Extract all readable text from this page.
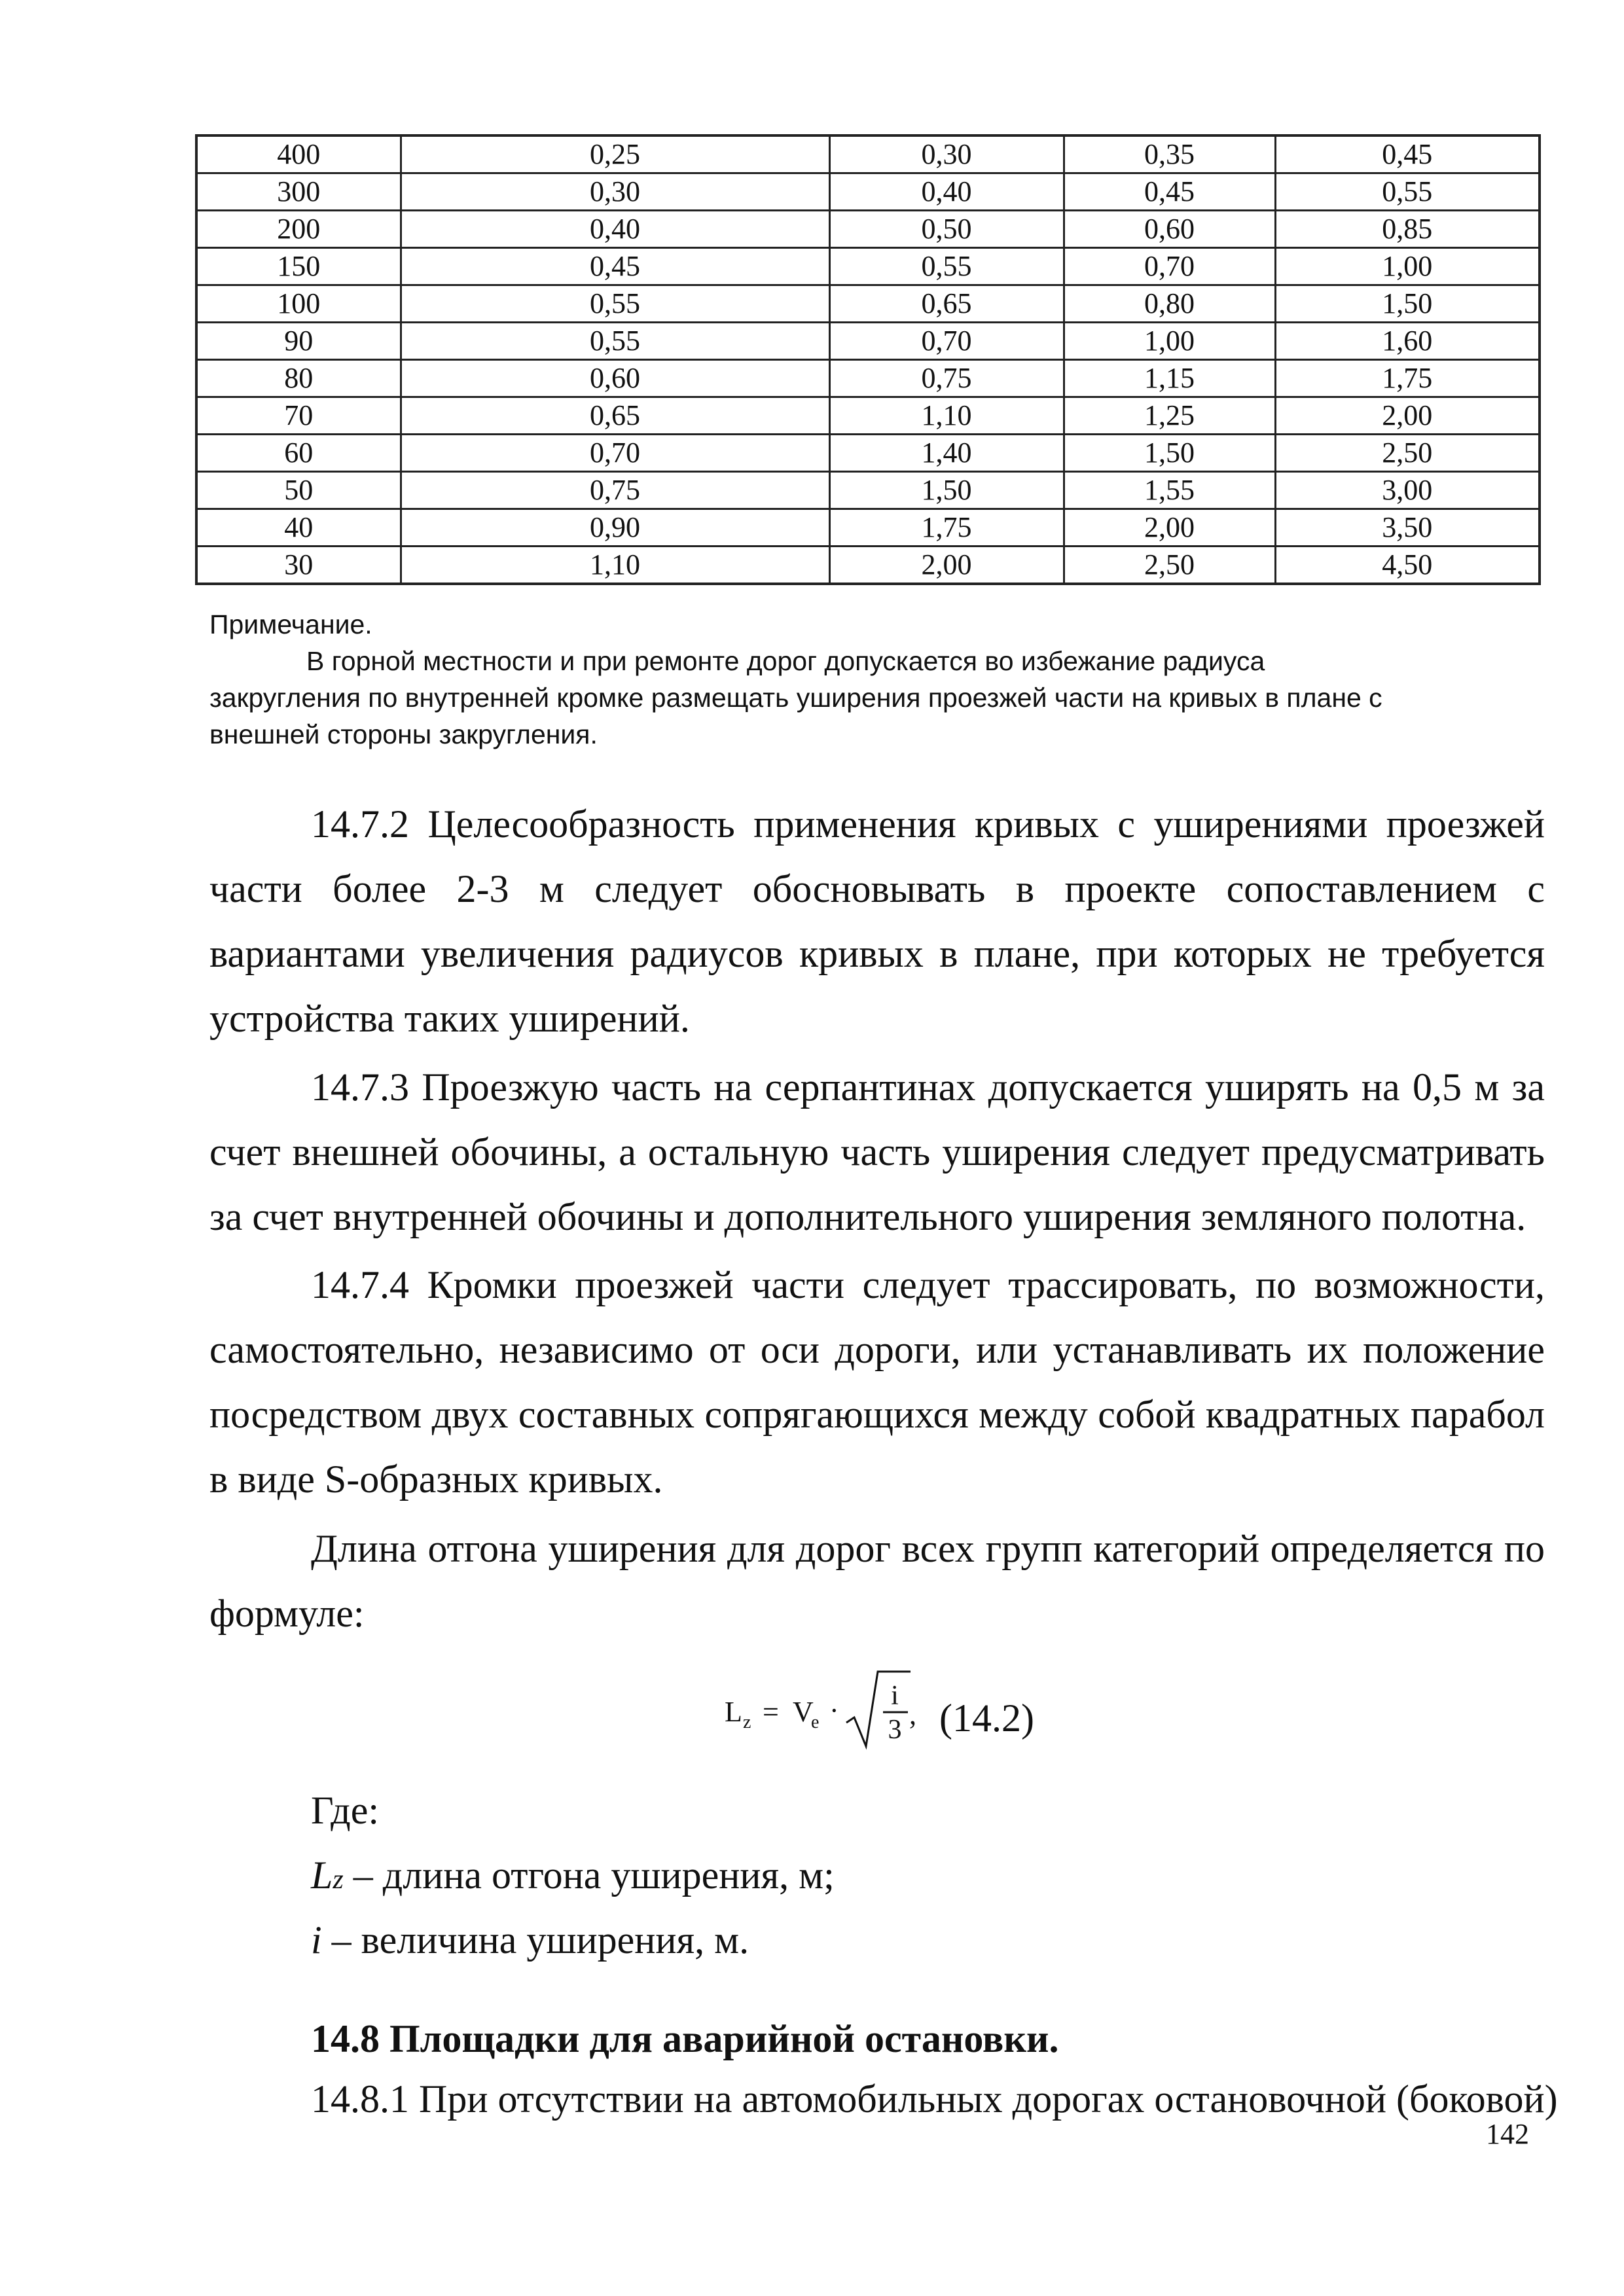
400	0,25	0,30	0,35	0,45
300	0,30	0,40	0,45	0,55
200	0,40	0,50	0,60	0,85
150	0,45	0,55	0,70	1,00
100	0,55	0,65	0,80	1,50
90	0,55	0,70	1,00	1,60
80	0,60	0,75	1,15	1,75
70	0,65	1,10	1,25	2,00
60	0,70	1,40	1,50	2,50
50	0,75	1,50	1,55	3,00
40	0,90	1,75	2,00	3,50
30	1,10	2,00	2,50	4,50
Примечание.
В горной местности и при ремонте дорог допускается во избежание радиуса
закругления по внутренней кромке размещать уширения проезжей части на кривых в плане с
внешней стороны закругления.

14.7.2 Целесообразность применения кривых с уширениями проезжей части более 2-3 м следует обосновывать в проекте сопоставлением с вариантами увеличения радиусов кривых в плане, при которых не требуется устройства таких уширений.

14.7.3 Проезжую часть на серпантинах допускается уширять на 0,5 м за счет внешней обочины, а остальную часть уширения следует предусматривать за счет внутренней обочины и дополнительного уширения земляного полотна.

14.7.4 Кромки проезжей части следует трассировать, по возможности, самостоятельно, независимо от оси дороги, или устанавливать их положение посредством двух составных сопрягающихся между собой квадратных парабол в виде S-образных кривых.

Длина отгона уширения для дорог всех групп категорий определяется по формуле:

L z = V
e · i
3 , (14.2)
Где:
Lz – длина отгона уширения, м;
i – величина уширения, м.
14.8 Площадки для аварийной остановки.
14.8.1 При отсутствии на автомобильных дорогах остановочной (боковой)
142
